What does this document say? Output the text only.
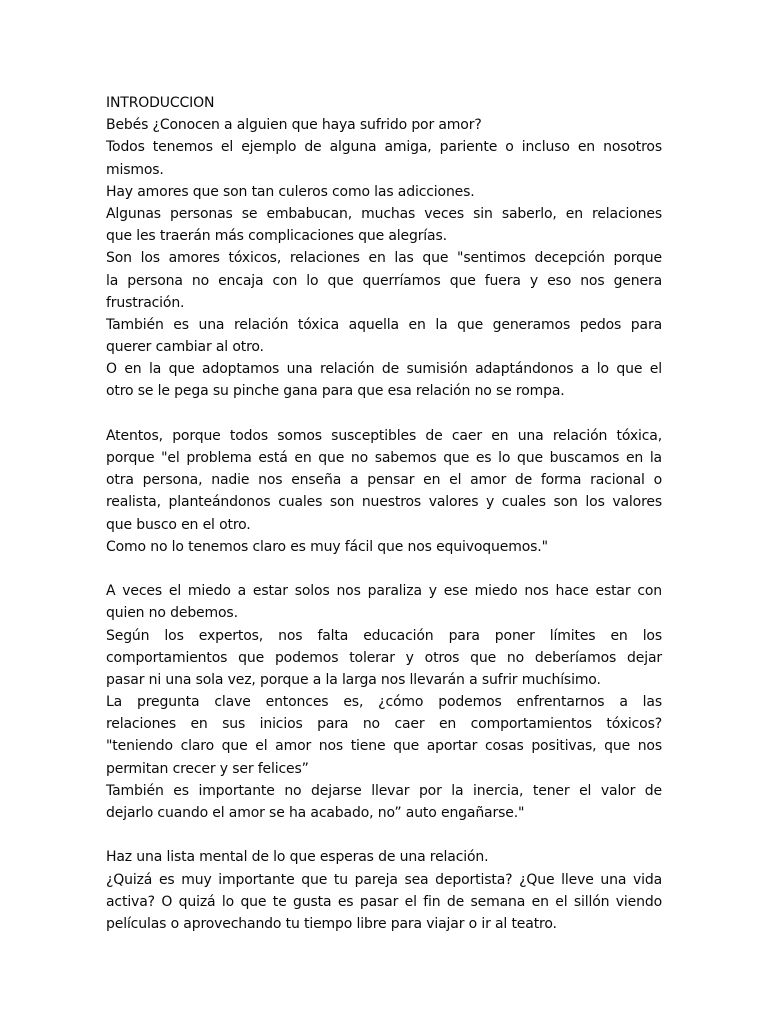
INTRODUCCION
Bebés ¿Conocen a alguien que haya sufrido por amor?
Todos tenemos el ejemplo de alguna amiga, pariente o incluso en nosotros
mismos.
Hay amores que son tan culeros como las adicciones.
Algunas personas se embabucan, muchas veces sin saberlo, en relaciones
que les traerán más complicaciones que alegrías.
Son los amores tóxicos, relaciones en las que "sentimos decepción porque
la persona no encaja con lo que querríamos que fuera y eso nos genera
frustración.
También es una relación tóxica aquella en la que generamos pedos para
querer cambiar al otro.
O en la que adoptamos una relación de sumisión adaptándonos a lo que el
otro se le pega su pinche gana para que esa relación no se rompa.
Atentos, porque todos somos susceptibles de caer en una relación tóxica,
porque "el problema está en que no sabemos que es lo que buscamos en la
otra persona, nadie nos enseña a pensar en el amor de forma racional o
realista, planteándonos cuales son nuestros valores y cuales son los valores
que busco en el otro.
Como no lo tenemos claro es muy fácil que nos equivoquemos."
A veces el miedo a estar solos nos paraliza y ese miedo nos hace estar con
quien no debemos.
Según los expertos, nos falta educación para poner límites en los
comportamientos que podemos tolerar y otros que no deberíamos dejar
pasar ni una sola vez, porque a la larga nos llevarán a sufrir muchísimo.
La pregunta clave entonces es, ¿cómo podemos enfrentarnos a las
relaciones en sus inicios para no caer en comportamientos tóxicos?
"teniendo claro que el amor nos tiene que aportar cosas positivas, que nos
permitan crecer y ser felices”
También es importante no dejarse llevar por la inercia, tener el valor de
dejarlo cuando el amor se ha acabado, no” auto engañarse."
Haz una lista mental de lo que esperas de una relación.
¿Quizá es muy importante que tu pareja sea deportista? ¿Que lleve una vida
activa? O quizá lo que te gusta es pasar el fin de semana en el sillón viendo
películas o aprovechando tu tiempo libre para viajar o ir al teatro.
